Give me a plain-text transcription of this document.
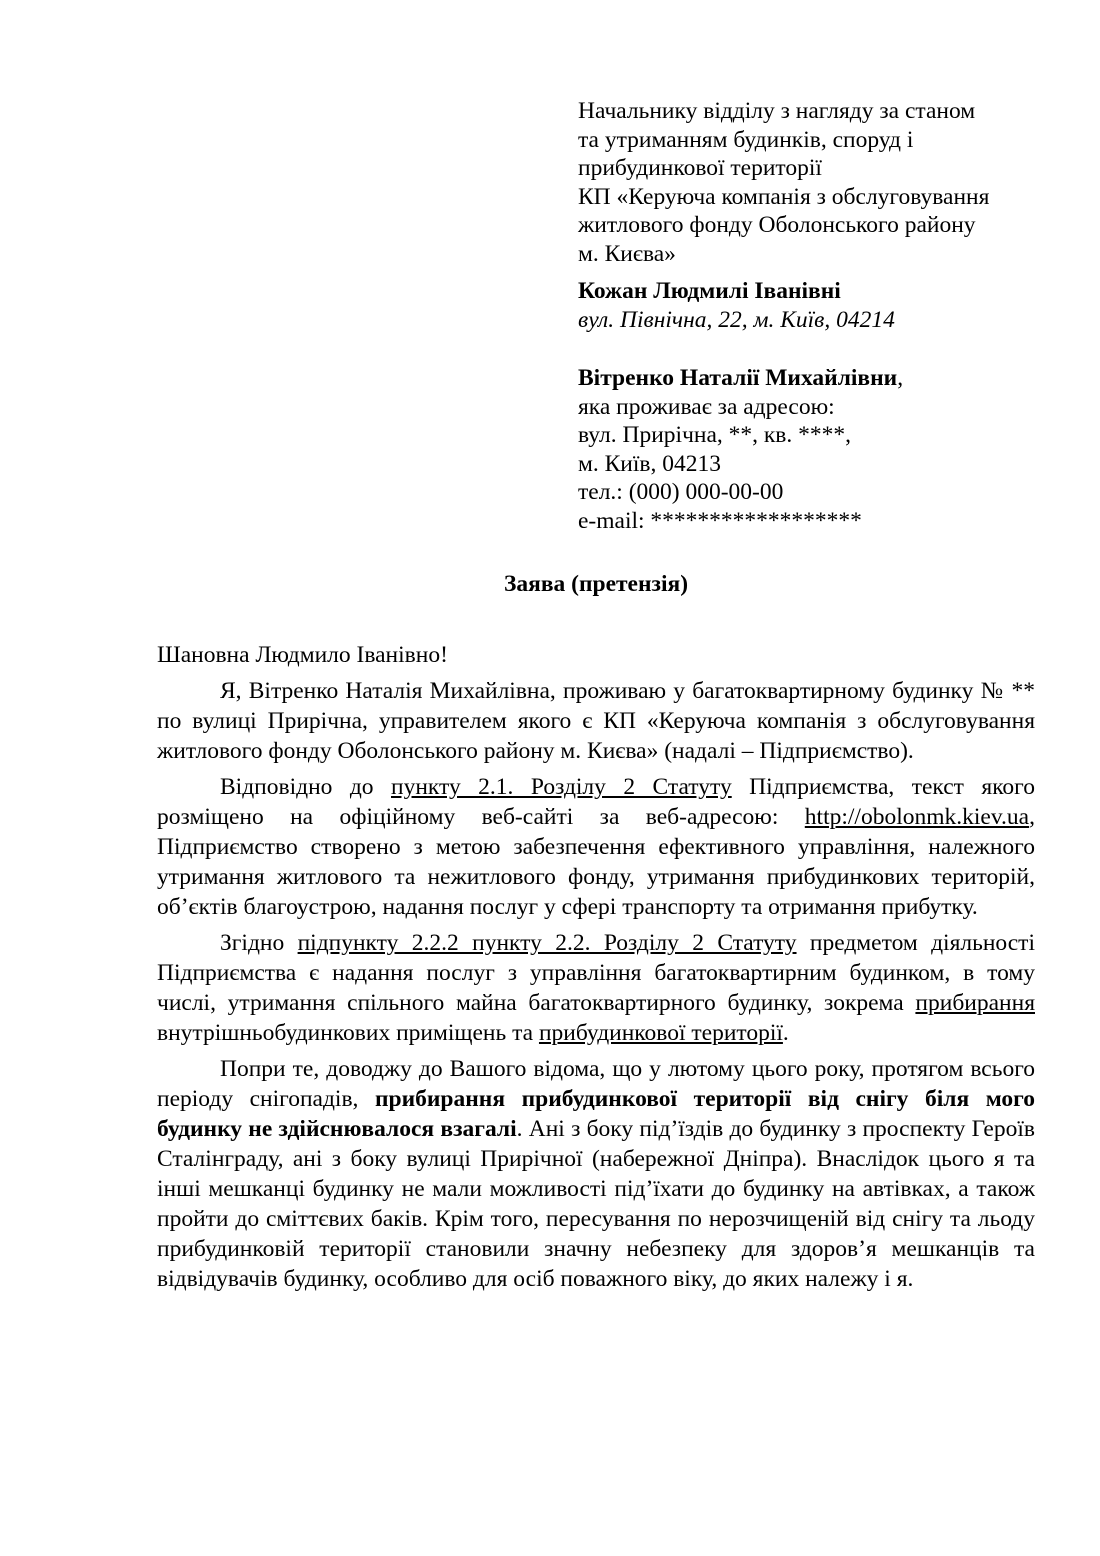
Начальнику відділу з нагляду за станом

та утриманням будинків, споруд і

прибудинкової території

КП «Керуюча компанія з обслуговування

житлового фонду Оболонського району

м. Києва»

Кожан Людмилі Іванівні

вул. Північна, 22, м. Київ, 04214

Вітренко Наталії Михайлівни,

яка проживає за адресою:

вул. Прирічна, **, кв. ****,

м. Київ, 04213

тел.: (000) 000-00-00

e-mail: ******************

Заява (претензія)

Шановна Людмило Іванівно!

Я, Вітренко Наталія Михайлівна, проживаю у багатоквартирному будинку № ** по вулиці Прирічна, управителем якого є КП «Керуюча компанія з обслуговування житлового фонду Оболонського району м. Києва» (надалі – Підприємство).

Відповідно до пункту 2.1. Розділу 2 Статуту Підприємства, текст якого розміщено на офіційному веб-сайті за веб-адресою: http://obolonmk.kiev.ua, Підприємство створено з метою забезпечення ефективного управління, належного утримання житлового та нежитлового фонду, утримання прибудинкових територій, об’єктів благоустрою, надання послуг у сфері транспорту та отримання прибутку.

Згідно підпункту 2.2.2 пункту 2.2. Розділу 2 Статуту предметом діяльності Підприємства є надання послуг з управління багатоквартирним будинком, в тому числі, утримання спільного майна багатоквартирного будинку, зокрема прибирання внутрішньобудинкових приміщень та прибудинкової території.

Попри те, доводжу до Вашого відома, що у лютому цього року, протягом всього періоду снігопадів, прибирання прибудинкової території від снігу біля мого будинку не здійснювалося взагалі. Ані з боку під’їздів до будинку з проспекту Героїв Сталінграду, ані з боку вулиці Прирічної (набережної Дніпра). Внаслідок цього я та інші мешканці будинку не мали можливості під’їхати до будинку на автівках, а також пройти до сміттєвих баків. Крім того, пересування по нерозчищеній від снігу та льоду прибудинковій території становили значну небезпеку для здоров’я мешканців та відвідувачів будинку, особливо для осіб поважного віку, до яких належу і я.
